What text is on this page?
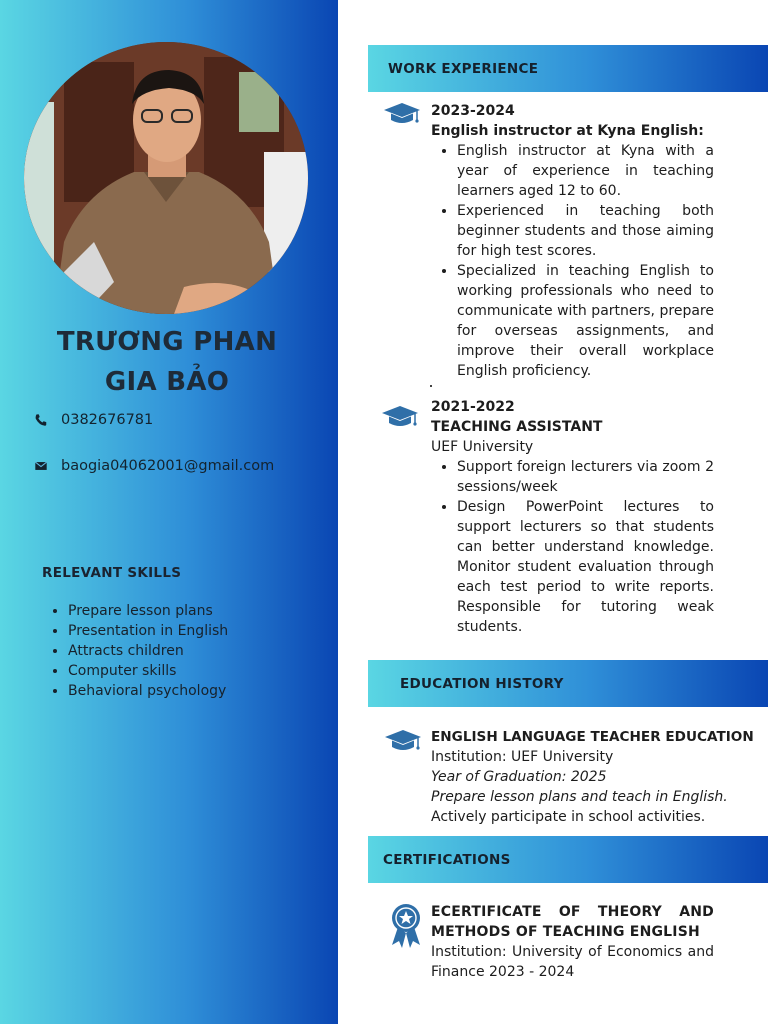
TRƯƠNG PHAN
GIA BẢO
0382676781
baogia04062001@gmail.com
RELEVANT SKILLS
• Prepare lesson plans
• Presentation in English
• Attracts children
• Computer skills
• Behavioral psychology
WORK EXPERIENCE
2023-2024
English instructor at Kyna English:
• English instructor at Kyna with a year of experience in teaching learners aged 12 to 60.
• Experienced in teaching both beginner students and those aiming for high test scores.
• Specialized in teaching English to working professionals who need to communicate with partners, prepare for overseas assignments, and improve their overall workplace English proficiency.
2021-2022
TEACHING ASSISTANT
UEF University
• Support foreign lecturers via zoom 2 sessions/week
• Design PowerPoint lectures to support lecturers so that students can better understand knowledge. Monitor student evaluation through each test period to write reports. Responsible for tutoring weak students.
EDUCATION HISTORY
ENGLISH LANGUAGE TEACHER EDUCATION
Institution: UEF University
Year of Graduation: 2025
Prepare lesson plans and teach in English.
Actively participate in school activities.
CERTIFICATIONS
ECERTIFICATE OF THEORY AND METHODS OF TEACHING ENGLISH
Institution: University of Economics and Finance 2023 - 2024
